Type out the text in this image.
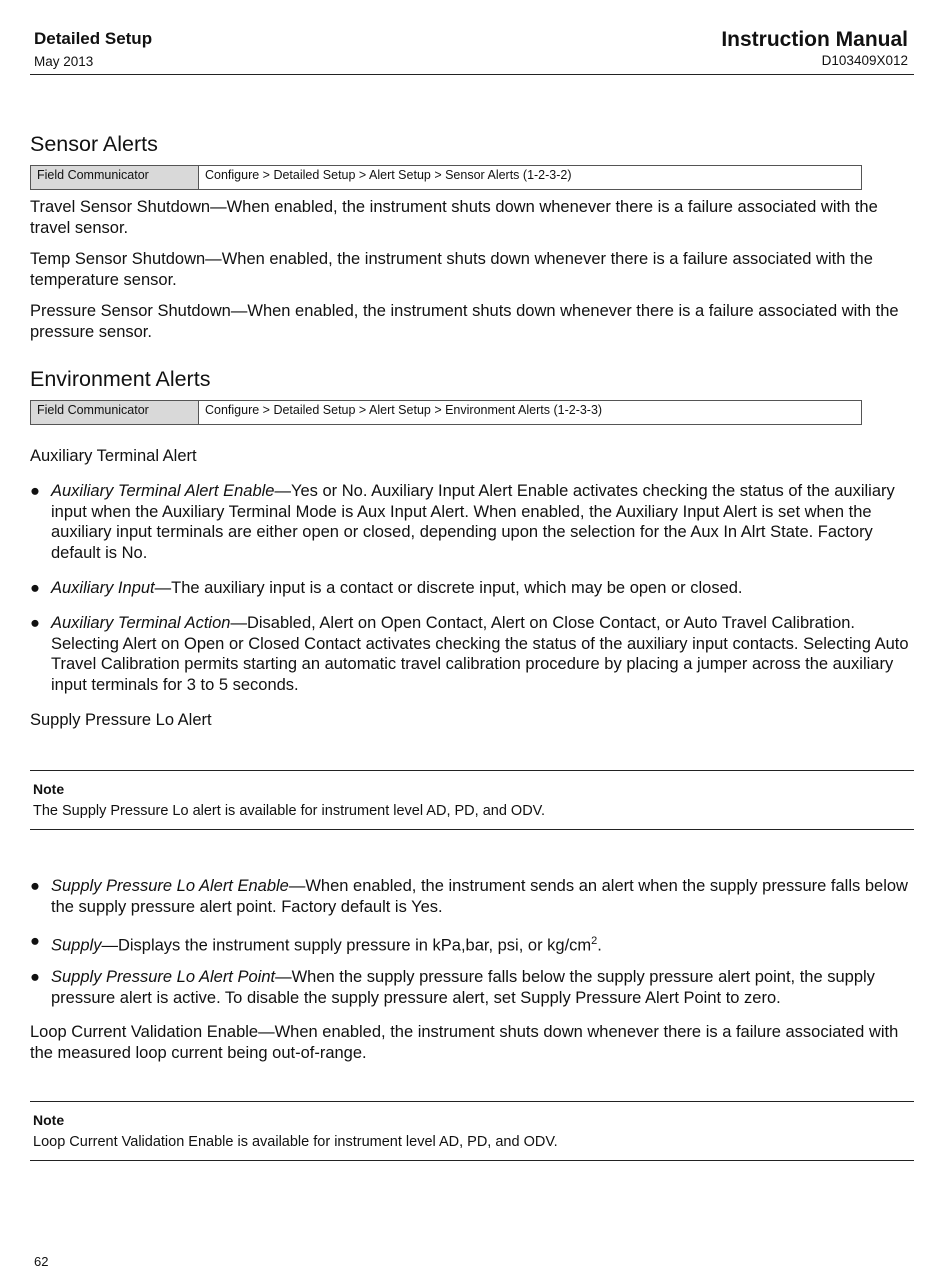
Detailed Setup
May 2013
Instruction Manual
D103409X012
Sensor Alerts
Field Communicator	Configure > Detailed Setup > Alert Setup > Sensor Alerts (1-2-3-2)

Travel Sensor Shutdown—When enabled, the instrument shuts down whenever there is a failure associated with the travel sensor.

Temp Sensor Shutdown—When enabled, the instrument shuts down whenever there is a failure associated with the temperature sensor.

Pressure Sensor Shutdown—When enabled, the instrument shuts down whenever there is a failure associated with the pressure sensor.

Environment Alerts
Field Communicator	Configure > Detailed Setup > Alert Setup > Environment Alerts (1-2-3-3)
Auxiliary Terminal Alert
● Auxiliary Terminal Alert Enable—Yes or No. Auxiliary Input Alert Enable activates checking the status of the auxiliary input when the Auxiliary Terminal Mode is Aux Input Alert. When enabled, the Auxiliary Input Alert is set when the auxiliary input terminals are either open or closed, depending upon the selection for the Aux In Alrt State. Factory default is No.
● Auxiliary Input—The auxiliary input is a contact or discrete input, which may be open or closed.
● Auxiliary Terminal Action—Disabled, Alert on Open Contact, Alert on Close Contact, or Auto Travel Calibration. Selecting Alert on Open or Closed Contact activates checking the status of the auxiliary input contacts. Selecting Auto Travel Calibration permits starting an automatic travel calibration procedure by placing a jumper across the auxiliary input terminals for 3 to 5 seconds.
Supply Pressure Lo Alert
Note
The Supply Pressure Lo alert is available for instrument level AD, PD, and ODV.
● Supply Pressure Lo Alert Enable—When enabled, the instrument sends an alert when the supply pressure falls below the supply pressure alert point. Factory default is Yes.
● Supply—Displays the instrument supply pressure in kPa,bar, psi, or $kg/cm^2$.
● Supply Pressure Lo Alert Point—When the supply pressure falls below the supply pressure alert point, the supply pressure alert is active. To disable the supply pressure alert, set Supply Pressure Alert Point to zero.

Loop Current Validation Enable—When enabled, the instrument shuts down whenever there is a failure associated with the measured loop current being out-of-range.

Note
Loop Current Validation Enable is available for instrument level AD, PD, and ODV.
62
